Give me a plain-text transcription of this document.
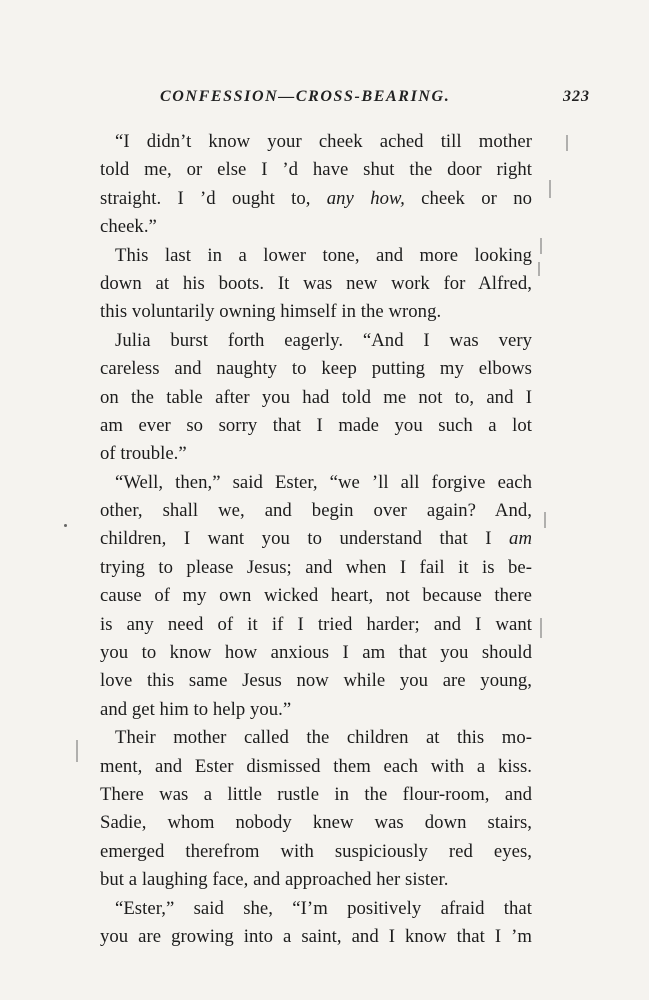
CONFESSION—CROSS-BEARING.	323
“I didn’t know your cheek ached till mother
told me, or else I ’d have shut the door right
straight. I ’d ought to, any how, cheek or no
cheek.”
This last in a lower tone, and more looking
down at his boots. It was new work for Alfred,
this voluntarily owning himself in the wrong.
Julia burst forth eagerly. “And I was very
careless and naughty to keep putting my elbows
on the table after you had told me not to, and I
am ever so sorry that I made you such a lot
of trouble.”
“Well, then,” said Ester, “we ’ll all forgive each
other, shall we, and begin over again? And,
children, I want you to understand that I am
trying to please Jesus; and when I fail it is be-
cause of my own wicked heart, not because there
is any need of it if I tried harder; and I want
you to know how anxious I am that you should
love this same Jesus now while you are young,
and get him to help you.”
Their mother called the children at this mo-
ment, and Ester dismissed them each with a kiss.
There was a little rustle in the flour-room, and
Sadie, whom nobody knew was down stairs,
emerged therefrom with suspiciously red eyes,
but a laughing face, and approached her sister.
“Ester,” said she, “I’m positively afraid that
you are growing into a saint, and I know that I ’m
